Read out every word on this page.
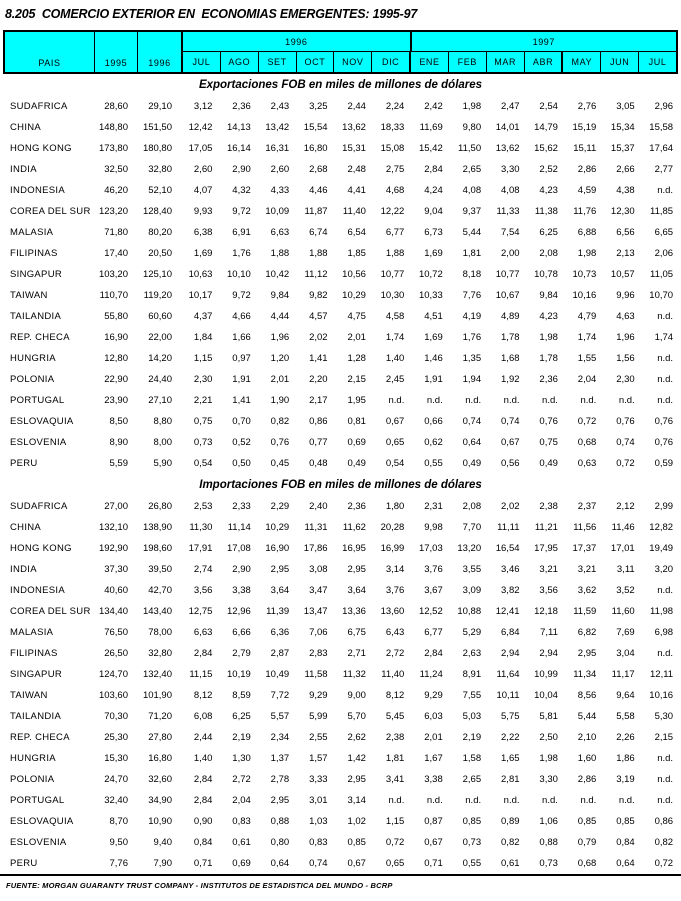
8.205  COMERCIO EXTERIOR EN  ECONOMIAS EMERGENTES: 1995-97
PAIS	1995	1996
1996	1997
JUL	AGO	SET	OCT	NOV	DIC	ENE	FEB	MAR	ABR	MAY	JUN	JUL
Exportaciones FOB en miles de millones de dólares
SUDAFRICA	28,60	29,10	3,12	2,36	2,43	3,25	2,44	2,24	2,42	1,98	2,47	2,54	2,76	3,05	2,96
CHINA	148,80	151,50	12,42	14,13	13,42	15,54	13,62	18,33	11,69	9,80	14,01	14,79	15,19	15,34	15,58
HONG KONG	173,80	180,80	17,05	16,14	16,31	16,80	15,31	15,08	15,42	11,50	13,62	15,62	15,11	15,37	17,64
INDIA	32,50	32,80	2,60	2,90	2,60	2,68	2,48	2,75	2,84	2,65	3,30	2,52	2,86	2,66	2,77
INDONESIA	46,20	52,10	4,07	4,32	4,33	4,46	4,41	4,68	4,24	4,08	4,08	4,23	4,59	4,38	n.d.
COREA DEL SUR 123,20	128,40	9,93	9,72	10,09	11,87	11,40	12,22	9,04	9,37	11,33	11,38	11,76	12,30	11,85
MALASIA	71,80	80,20	6,38	6,91	6,63	6,74	6,54	6,77	6,73	5,44	7,54	6,25	6,88	6,56	6,65
FILIPINAS	17,40	20,50	1,69	1,76	1,88	1,88	1,85	1,88	1,69	1,81	2,00	2,08	1,98	2,13	2,06
SINGAPUR	103,20	125,10	10,63	10,10	10,42	11,12	10,56	10,77	10,72	8,18	10,77	10,78	10,73	10,57	11,05
TAIWAN	110,70	119,20	10,17	9,72	9,84	9,82	10,29	10,30	10,33	7,76	10,67	9,84	10,16	9,96	10,70
TAILANDIA	55,80	60,60	4,37	4,66	4,44	4,57	4,75	4,58	4,51	4,19	4,89	4,23	4,79	4,63	n.d.
REP. CHECA	16,90	22,00	1,84	1,66	1,96	2,02	2,01	1,74	1,69	1,76	1,78	1,98	1,74	1,96	1,74
HUNGRIA	12,80	14,20	1,15	0,97	1,20	1,41	1,28	1,40	1,46	1,35	1,68	1,78	1,55	1,56	n.d.
POLONIA	22,90	24,40	2,30	1,91	2,01	2,20	2,15	2,45	1,91	1,94	1,92	2,36	2,04	2,30	n.d.
PORTUGAL	23,90	27,10	2,21	1,41	1,90	2,17	1,95	n.d.	n.d.	n.d.	n.d.	n.d.	n.d.	n.d.	n.d.
ESLOVAQUIA	8,50	8,80	0,75	0,70	0,82	0,86	0,81	0,67	0,66	0,74	0,74	0,76	0,72	0,76	0,76
ESLOVENIA	8,90	8,00	0,73	0,52	0,76	0,77	0,69	0,65	0,62	0,64	0,67	0,75	0,68	0,74	0,76
PERU	5,59	5,90	0,54	0,50	0,45	0,48	0,49	0,54	0,55	0,49	0,56	0,49	0,63	0,72	0,59
Importaciones FOB en miles de millones de dólares
SUDAFRICA	27,00	26,80	2,53	2,33	2,29	2,40	2,36	1,80	2,31	2,08	2,02	2,38	2,37	2,12	2,99
CHINA	132,10	138,90	11,30	11,14	10,29	11,31	11,62	20,28	9,98	7,70	11,11	11,21	11,56	11,46	12,82
HONG KONG	192,90	198,60	17,91	17,08	16,90	17,86	16,95	16,99	17,03	13,20	16,54	17,95	17,37	17,01	19,49
INDIA	37,30	39,50	2,74	2,90	2,95	3,08	2,95	3,14	3,76	3,55	3,46	3,21	3,21	3,11	3,20
INDONESIA	40,60	42,70	3,56	3,38	3,64	3,47	3,64	3,76	3,67	3,09	3,82	3,56	3,62	3,52	n.d.
COREA DEL SUR 134,40	143,40	12,75	12,96	11,39	13,47	13,36	13,60	12,52	10,88	12,41	12,18	11,59	11,60	11,98
MALASIA	76,50	78,00	6,63	6,66	6,36	7,06	6,75	6,43	6,77	5,29	6,84	7,11	6,82	7,69	6,98
FILIPINAS	26,50	32,80	2,84	2,79	2,87	2,83	2,71	2,72	2,84	2,63	2,94	2,94	2,95	3,04	n.d.
SINGAPUR	124,70	132,40	11,15	10,19	10,49	11,58	11,32	11,40	11,24	8,91	11,64	10,99	11,34	11,17	12,11
TAIWAN	103,60	101,90	8,12	8,59	7,72	9,29	9,00	8,12	9,29	7,55	10,11	10,04	8,56	9,64	10,16
TAILANDIA	70,30	71,20	6,08	6,25	5,57	5,99	5,70	5,45	6,03	5,03	5,75	5,81	5,44	5,58	5,30
REP. CHECA	25,30	27,80	2,44	2,19	2,34	2,55	2,62	2,38	2,01	2,19	2,22	2,50	2,10	2,26	2,15
HUNGRIA	15,30	16,80	1,40	1,30	1,37	1,57	1,42	1,81	1,67	1,58	1,65	1,98	1,60	1,86	n.d.
POLONIA	24,70	32,60	2,84	2,72	2,78	3,33	2,95	3,41	3,38	2,65	2,81	3,30	2,86	3,19	n.d.
PORTUGAL	32,40	34,90	2,84	2,04	2,95	3,01	3,14	n.d.	n.d.	n.d.	n.d.	n.d.	n.d.	n.d.	n.d.
ESLOVAQUIA	8,70	10,90	0,90	0,83	0,88	1,03	1,02	1,15	0,87	0,85	0,89	1,06	0,85	0,85	0,86
ESLOVENIA	9,50	9,40	0,84	0,61	0,80	0,83	0,85	0,72	0,67	0,73	0,82	0,88	0,79	0,84	0,82
PERU	7,76	7,90	0,71	0,69	0,64	0,74	0,67	0,65	0,71	0,55	0,61	0,73	0,68	0,64	0,72
FUENTE: MORGAN GUARANTY TRUST COMPANY - INSTITUTOS DE ESTADISTICA DEL MUNDO - BCRP
